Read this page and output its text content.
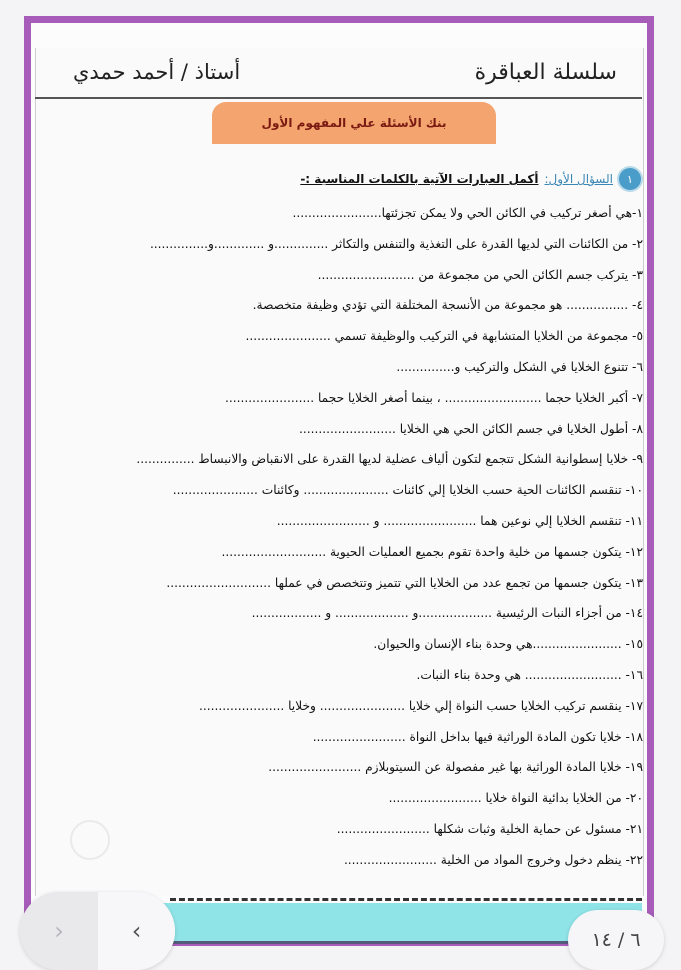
سلسلة العباقرة
أستاذ / أحمد حمدي
بنك الأسئلة علي المفهوم الأول
١
السؤال الأول:
أكمل العبارات الآتية بالكلمات المناسبة :-
١-هي أصغر تركيب في الكائن الحي ولا يمكن تجزئتها.......................
٢- من الكائنات التي لديها القدرة على التغذية والتنفس والتكاثر ..............و .............و...............
٣- يتركب جسم الكائن الحي من مجموعة من .........................
٤- ................ هو مجموعة من الأنسجة المختلفة التي تؤدي وظيفة متخصصة.
٥- مجموعة من الخلايا المتشابهة في التركيب والوظيفة تسمي ......................
٦- تتنوع الخلايا في الشكل والتركيب و...............
٧- أكبر الخلايا حجما ......................... ، بينما أصغر الخلايا حجما .......................
٨- أطول الخلايا في جسم الكائن الحي هي الخلايا .........................
٩- خلايا إسطوانية الشكل تتجمع لتكون ألياف عضلية لديها القدرة على الانقباض والانبساط ...............
١٠- تنقسم الكائنات الحية حسب الخلايا إلي كائنات ...................... وكائنات ......................
١١- تنقسم الخلايا إلي نوعين هما ........................ و ........................
١٢- يتكون جسمها من خلية واحدة تقوم بجميع العمليات الحيوية ...........................
١٣- يتكون جسمها من تجمع عدد من الخلايا التي تتميز وتتخصص في عملها ...........................
١٤- من أجزاء النبات الرئيسية ...................و ................... و ..................
١٥- .......................هي وحدة بناء الإنسان والحيوان.
١٦- ......................... هي وحدة بناء النبات.
١٧- ينقسم تركيب الخلايا حسب النواة إلي خلايا ...................... وخلايا ......................
١٨- خلايا تكون المادة الوراثية فيها بداخل النواة ........................
١٩- خلايا المادة الوراثية بها غير مفصولة عن السيتوبلازم ........................
٢٠- من الخلايا بدائية النواة خلايا ........................
٢١- مسئول عن حماية الخلية وثبات شكلها ........................
٢٢- ينظم دخول وخروج المواد من الخلية ........................
›	‹	٦ / ١٤
